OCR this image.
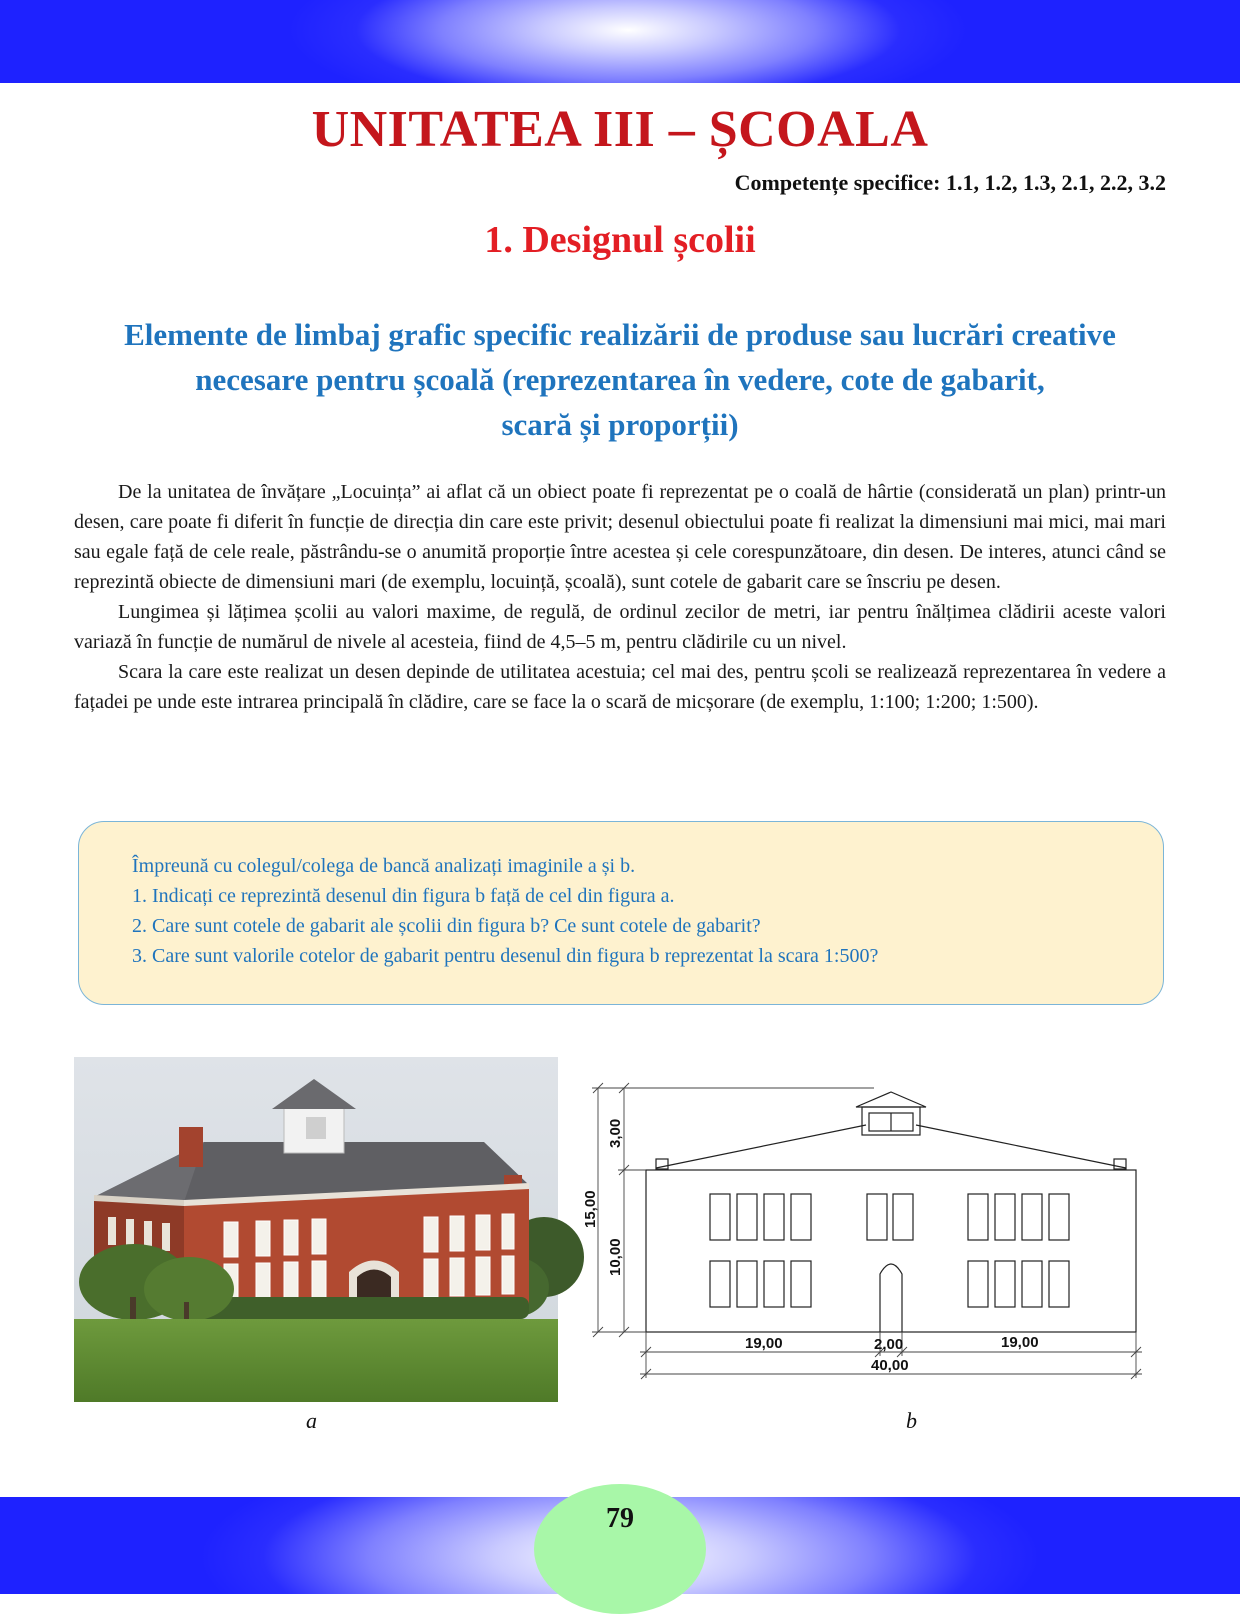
UNITATEA III – ȘCOALA
Competențe specifice: 1.1, 1.2, 1.3, 2.1, 2.2, 3.2
1. Designul școlii
Elemente de limbaj grafic specific realizării de produse sau lucrări creative
necesare pentru școală (reprezentarea în vedere, cote de gabarit,
scară și proporții)

De la unitatea de învățare „Locuința” ai aflat că un obiect poate fi reprezentat pe o coală de hârtie (considerată un plan) printr-un desen, care poate fi diferit în funcție de direcția din care este privit; desenul obiectului poate fi realizat la dimensiuni mai mici, mai mari sau egale față de cele reale, păstrându-se o anumită proporție între acestea și cele corespunzătoare, din desen. De interes, atunci când se reprezintă obiecte de dimensiuni mari (de exemplu, locuință, școală), sunt cotele de gabarit care se înscriu pe desen.

Lungimea și lățimea școlii au valori maxime, de regulă, de ordinul zecilor de metri, iar pentru înălțimea clădirii aceste valori variază în funcție de numărul de nivele al acesteia, fiind de 4,5–5 m, pentru clădirile cu un nivel.

Scara la care este realizat un desen depinde de utilitatea acestuia; cel mai des, pentru școli se realizează reprezentarea în vedere a fațadei pe unde este intrarea principală în clădire, care se face la o scară de micșorare (de exemplu, 1:100; 1:200; 1:500).

Împreună cu colegul/colega de bancă analizați imaginile a și b.
1. Indicați ce reprezintă desenul din figura b față de cel din figura a.
2. Care sunt cotele de gabarit ale școlii din figura b? Ce sunt cotele de gabarit?
3. Care sunt valorile cotelor de gabarit pentru desenul din figura b reprezentat la scara 1:500?
3,00
15,00
10,00
19,00	2,00	19,00
40,00
a	b
79
